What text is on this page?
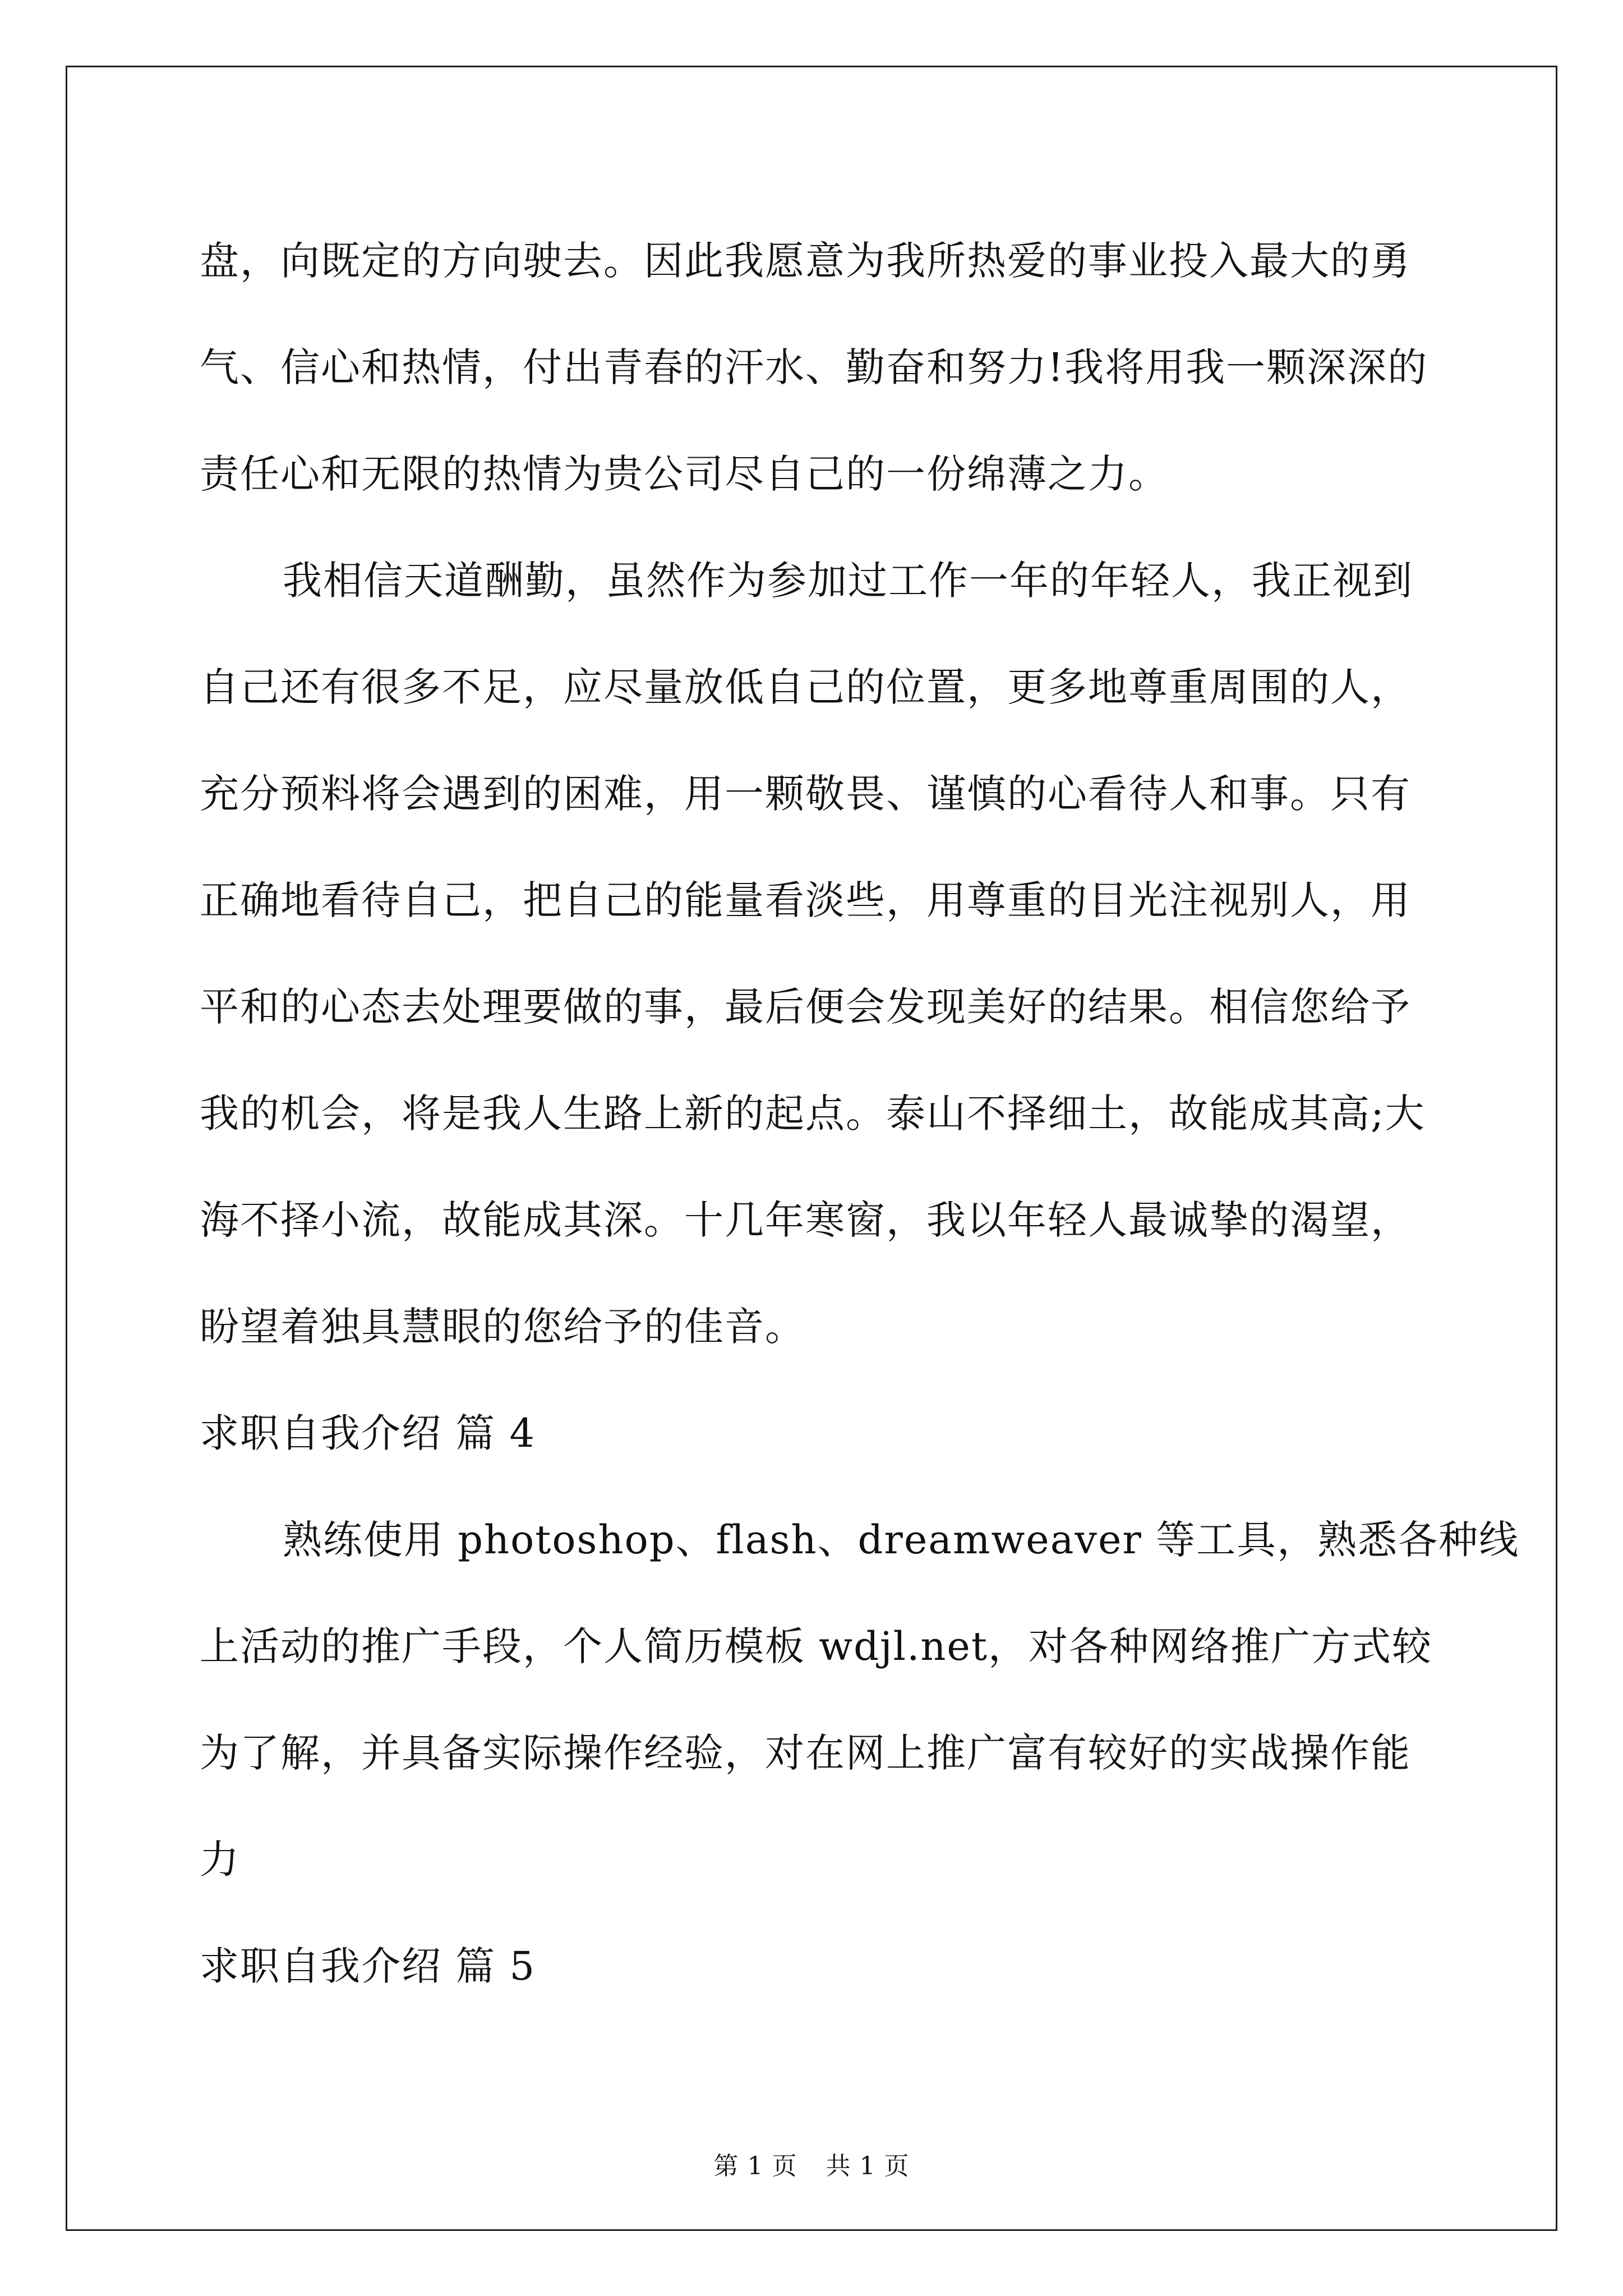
盘，向既定的方向驶去。因此我愿意为我所热爱的事业投入最大的勇
气、信心和热情，付出青春的汗水、勤奋和努力!我将用我一颗深深的
责任心和无限的热情为贵公司尽自己的一份绵薄之力。
我相信天道酬勤，虽然作为参加过工作一年的年轻人，我正视到
自己还有很多不足，应尽量放低自己的位置，更多地尊重周围的人，
充分预料将会遇到的困难，用一颗敬畏、谨慎的心看待人和事。只有
正确地看待自己，把自己的能量看淡些，用尊重的目光注视别人，用
平和的心态去处理要做的事，最后便会发现美好的结果。相信您给予
我的机会，将是我人生路上新的起点。泰山不择细土，故能成其高;大
海不择小流，故能成其深。十几年寒窗，我以年轻人最诚挚的渴望，
盼望着独具慧眼的您给予的佳音。
求职自我介绍 篇 4
熟练使用 photoshop、flash、dreamweaver 等工具，熟悉各种线
上活动的推广手段，个人简历模板 wdjl.net，对各种网络推广方式较
为了解，并具备实际操作经验，对在网上推广富有较好的实战操作能
力
求职自我介绍 篇 5
第 1 页 共 1 页
